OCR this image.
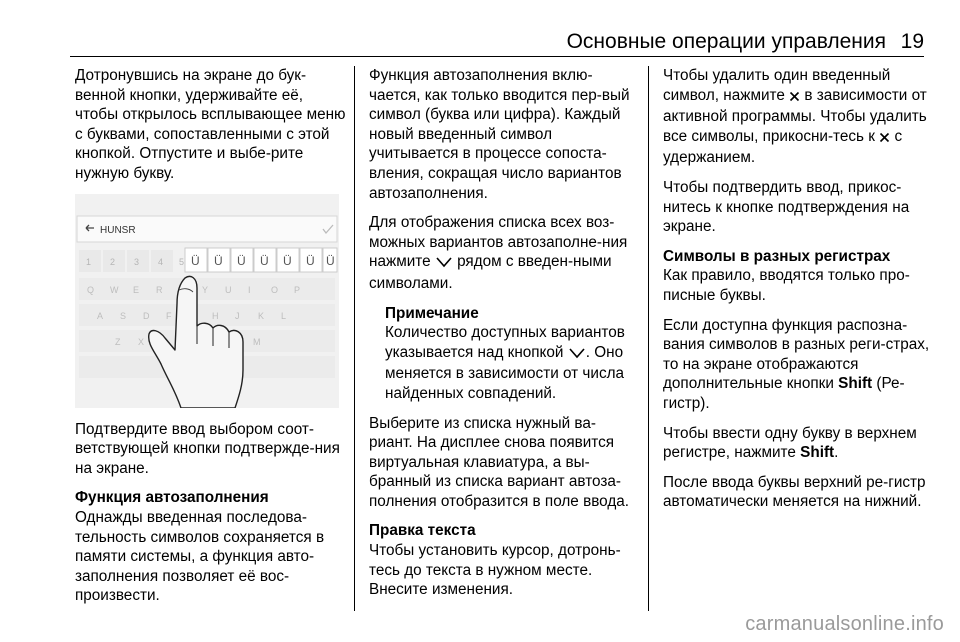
Основные операции управления 19

Дотронувшись на экране до бук-венной кнопки, удерживайте её, чтобы открылось всплывающее меню с буквами, сопоставленными с этой кнопкой. Отпустите и выбе-рите нужную букву.

HUNSR
1 2 3 4 5 Ü Ü Ü Ü Ü Ü Ü
Q W E R	Y U I O P
A S D F	H J K L
Z X	M

Подтвердите ввод выбором соот-ветствующей кнопки подтвержде-ния на экране.

Функция автозаполнения

Однажды введенная последова-тельность символов сохраняется в памяти системы, а функция авто-заполнения позволяет её вос-произвести.

Функция автозаполнения вклю-чается, как только вводится пер-вый символ (буква или цифра). Каждый новый введенный символ учитывается в процессе сопоста-вления, сокращая число вариантов автозаполнения.

Для отображения списка всех воз-можных вариантов автозаполне-ния нажмите рядом с введен-ными символами.

Примечание
Количество доступных вариантов указывается над кнопкой . Оно меняется в зависимости от числа найденных совпадений.

Выберите из списка нужный ва-риант. На дисплее снова появится виртуальная клавиатура, а вы-бранный из списка вариант автоза-полнения отобразится в поле ввода.

Правка текста

Чтобы установить курсор, дотронь-тесь до текста в нужном месте. Внесите изменения.

Чтобы удалить один введенный символ, нажмите в зависимости от активной программы. Чтобы удалить все символы, прикосни-тесь к с удержанием.

Чтобы подтвердить ввод, прикос-нитесь к кнопке подтверждения на экране.

Символы в разных регистрах

Как правило, вводятся только про-писные буквы.

Если доступна функция распозна-вания символов в разных реги-страх, то на экране отображаются дополнительные кнопки Shift (Ре-гистр).

Чтобы ввести одну букву в верхнем регистре, нажмите Shift.

После ввода буквы верхний ре-гистр автоматически меняется на нижний.

carmanualsonline.info
